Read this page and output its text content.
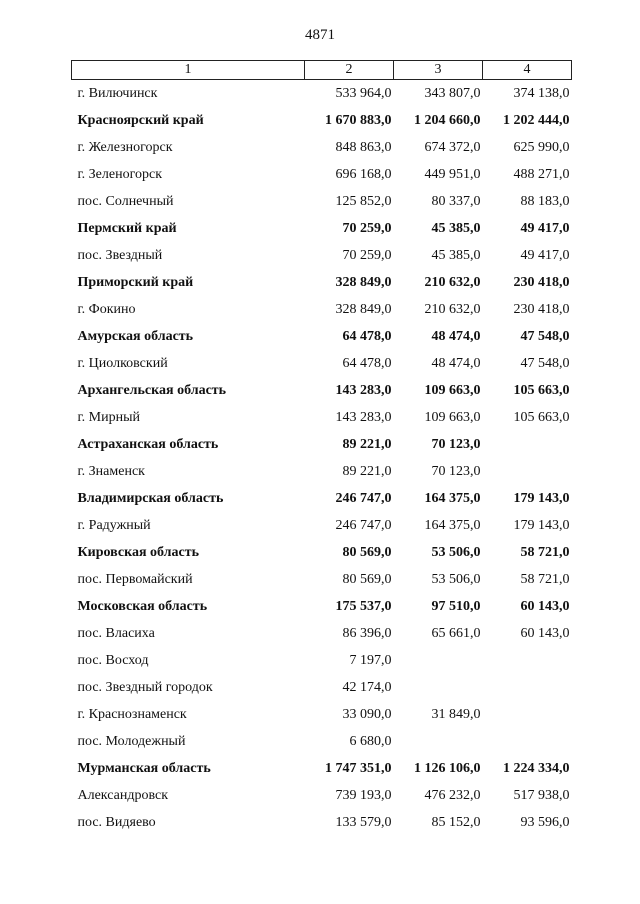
4871
1	2	3	4
г. Вилючинск	533 964,0	343 807,0	374 138,0
Красноярский край	1 670 883,0	1 204 660,0	1 202 444,0
г. Железногорск	848 863,0	674 372,0	625 990,0
г. Зеленогорск	696 168,0	449 951,0	488 271,0
пос. Солнечный	125 852,0	80 337,0	88 183,0
Пермский край	70 259,0	45 385,0	49 417,0
пос. Звездный	70 259,0	45 385,0	49 417,0
Приморский край	328 849,0	210 632,0	230 418,0
г. Фокино	328 849,0	210 632,0	230 418,0
Амурская область	64 478,0	48 474,0	47 548,0
г. Циолковский	64 478,0	48 474,0	47 548,0
Архангельская область	143 283,0	109 663,0	105 663,0
г. Мирный	143 283,0	109 663,0	105 663,0
Астраханская область	89 221,0	70 123,0	
г. Знаменск	89 221,0	70 123,0	
Владимирская область	246 747,0	164 375,0	179 143,0
г. Радужный	246 747,0	164 375,0	179 143,0
Кировская область	80 569,0	53 506,0	58 721,0
пос. Первомайский	80 569,0	53 506,0	58 721,0
Московская область	175 537,0	97 510,0	60 143,0
пос. Власиха	86 396,0	65 661,0	60 143,0
пос. Восход	7 197,0		
пос. Звездный городок	42 174,0		
г. Краснознаменск	33 090,0	31 849,0	
пос. Молодежный	6 680,0		
Мурманская область	1 747 351,0	1 126 106,0	1 224 334,0
Александровск	739 193,0	476 232,0	517 938,0
пос. Видяево	133 579,0	85 152,0	93 596,0
